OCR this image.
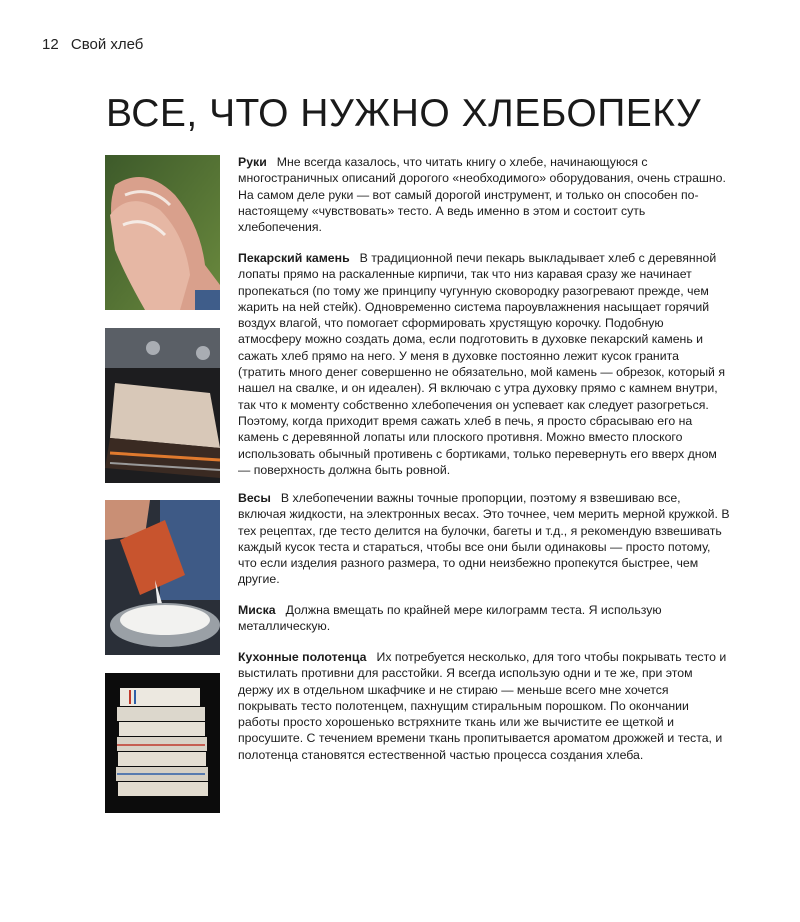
12 Свой хлеб
ВСЕ, ЧТО НУЖНО ХЛЕБОПЕКУ

Руки Мне всегда казалось, что читать книгу о хлебе, начинающуюся с многостраничных описаний дорогого «необходимого» оборудования, очень страшно. На самом деле руки — вот самый дорогой инструмент, и только он способен по-настоящему «чувствовать» тесто. А ведь именно в этом и состоит суть хлебопечения.

Пекарский камень В традиционной печи пекарь выкладывает хлеб с деревянной лопаты прямо на раскаленные кирпичи, так что низ каравая сразу же начинает пропекаться (по тому же принципу чугунную сковородку разогревают прежде, чем жарить на ней стейк). Одновременно система пароувлажнения насыщает горячий воздух влагой, что помогает сформировать хрустящую корочку. Подобную атмосферу можно создать дома, если подготовить в духовке пекарский камень и сажать хлеб прямо на него. У меня в духовке постоянно лежит кусок гранита (тратить много денег совершенно не обязательно, мой камень — обрезок, который я нашел на свалке, и он идеален). Я включаю с утра духовку прямо с камнем внутри, так что к моменту собственно хлебопечения он успевает как следует разогреться. Поэтому, когда приходит время сажать хлеб в печь, я просто сбрасываю его на камень с деревянной лопаты или плоского противня. Можно вместо плоского использовать обычный противень с бортиками, только перевернуть его вверх дном — поверхность должна быть ровной.

Весы В хлебопечении важны точные пропорции, поэтому я взвешиваю все, включая жидкости, на электронных весах. Это точнее, чем мерить мерной кружкой. В тех рецептах, где тесто делится на булочки, багеты и т.д., я рекомендую взвешивать каждый кусок теста и стараться, чтобы все они были одинаковы — просто потому, что если изделия разного размера, то одни неизбежно пропекутся быстрее, чем другие.

Миска Должна вмещать по крайней мере килограмм теста. Я использую металлическую.

Кухонные полотенца Их потребуется несколько, для того чтобы покрывать тесто и выстилать противни для расстойки. Я всегда использую одни и те же, при этом держу их в отдельном шкафчике и не стираю — меньше всего мне хочется покрывать тесто полотенцем, пахнущим стиральным порошком. По окончании работы просто хорошенько встряхните ткань или же вычистите ее щеткой и просушите. С течением времени ткань пропитывается ароматом дрожжей и теста, и полотенца становятся естественной частью процесса создания хлеба.
